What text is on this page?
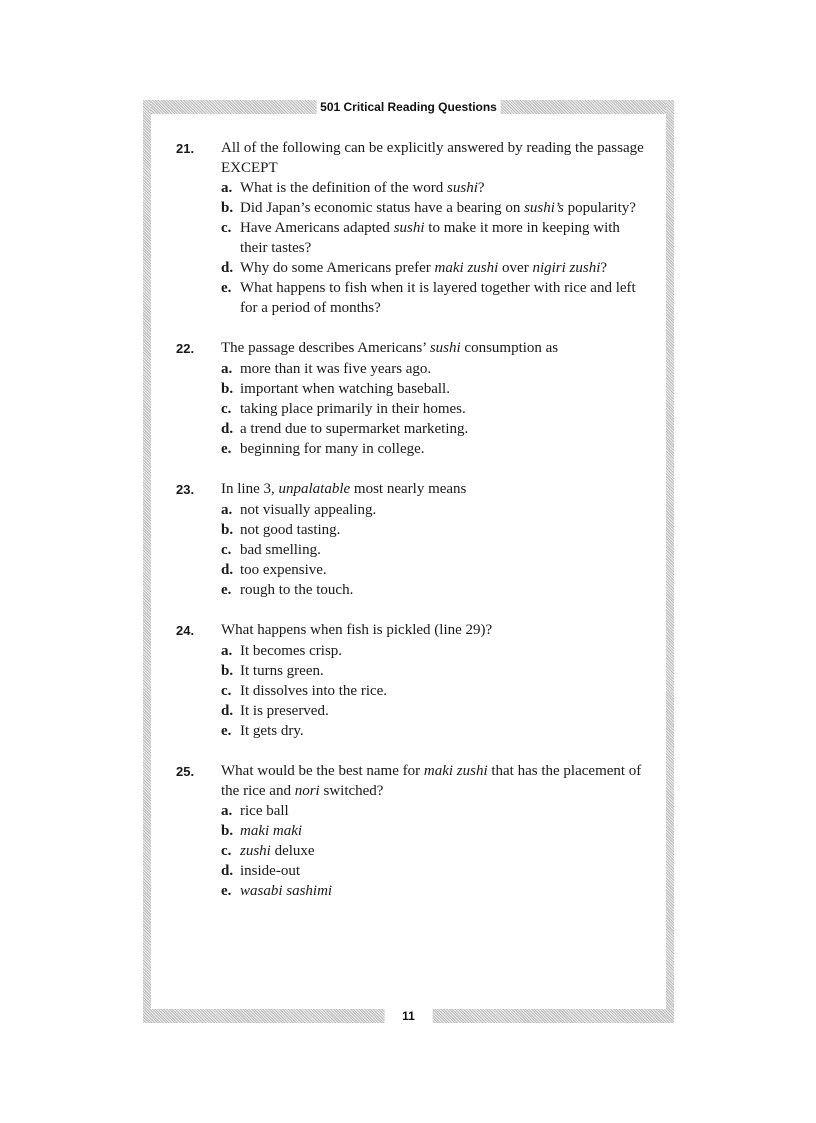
501 Critical Reading Questions
11
21.	All of the following can be explicitly answered by reading the passage EXCEPT
a. What is the definition of the word sushi?
b. Did Japan’s economic status have a bearing on sushi’s popularity?
c. Have Americans adapted sushi to make it more in keeping with their tastes?
d. Why do some Americans prefer maki zushi over nigiri zushi?
e. What happens to fish when it is layered together with rice and left for a period of months?
22.	The passage describes Americans’ sushi consumption as
a. more than it was five years ago.
b. important when watching baseball.
c. taking place primarily in their homes.
d. a trend due to supermarket marketing.
e. beginning for many in college.
23.	In line 3, unpalatable most nearly means
a. not visually appealing.
b. not good tasting.
c. bad smelling.
d. too expensive.
e. rough to the touch.
24.	What happens when fish is pickled (line 29)?
a. It becomes crisp.
b. It turns green.
c. It dissolves into the rice.
d. It is preserved.
e. It gets dry.
25.	What would be the best name for maki zushi that has the placement of the rice and nori switched?
a. rice ball
b. maki maki
c. zushi deluxe
d. inside-out
e. wasabi sashimi
